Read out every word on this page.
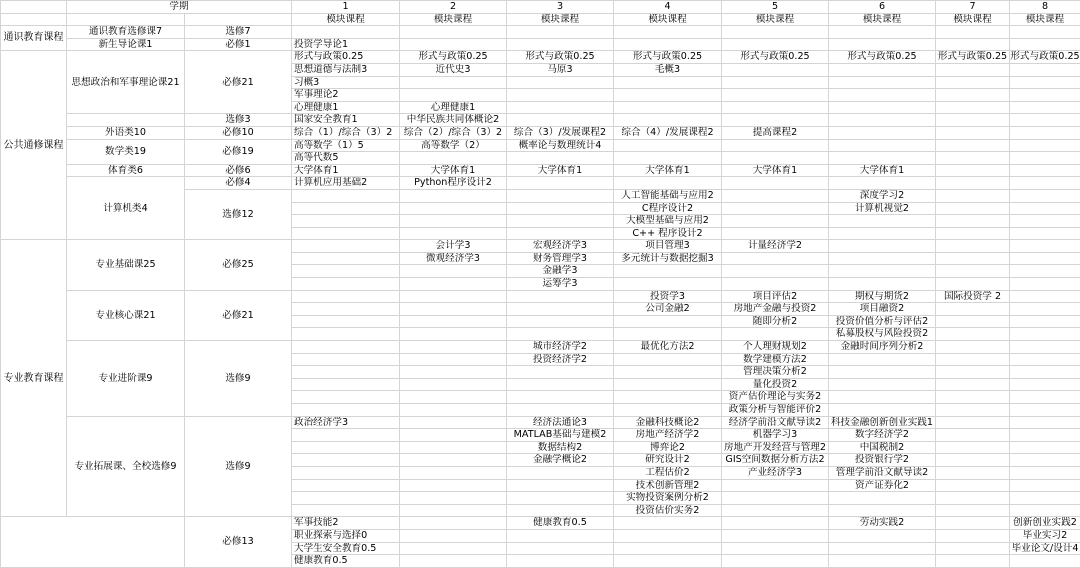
	学期		1	2	3	4	5	6	7	8
			模块课程	模块课程	模块课程	模块课程	模块课程	模块课程	模块课程	模块课程
通识教育课程	通识教育选修课7	选修7								
	新生导论课1	必修1	投资学导论1							
公共通修课程	思想政治和军事理论课21	必修21	形式与政策0.25	形式与政策0.25	形式与政策0.25	形式与政策0.25	形式与政策0.25	形式与政策0.25	形式与政策0.25	形式与政策0.25
			思想道德与法制3	近代史3	马原3	毛概3				
			习概3							
			军事理论2							
			心理健康1	心理健康1						
		选修3	国家安全教育1	中华民族共同体概论2						
	外语类10	必修10	综合（1）/综合（3）2	综合（2）/综合（3）2	综合（3）/发展课程2	综合（4）/发展课程2	提高课程2			
	数学类19	必修19	高等数学（1）5	高等数学（2）	概率论与数理统计4					
			高等代数5							
	体育类6	必修6	大学体育1	大学体育1	大学体育1	大学体育1	大学体育1	大学体育1		
	计算机类4	必修4	计算机应用基础2	Python程序设计2						
		选修12				人工智能基础与应用2		深度学习2		
						C程序设计2		计算机视觉2		
						大模型基础与应用2				
						C++ 程序设计2				
专业教育课程	专业基础课25	必修25		会计学3	宏观经济学3	项目管理3	计量经济学2			
				微观经济学3	财务管理学3	多元统计与数据挖掘3				
					金融学3					
					运筹学3					
	专业核心课21	必修21				投资学3	项目评估2	期权与期货2	国际投资学 2	
						公司金融2	房地产金融与投资2	项目融资2		
							随即分析2	投资价值分析与评估2		
								私募股权与风险投资2		
	专业进阶课9	选修9			城市经济学2	最优化方法2	个人理财规划2	金融时间序列分析2		
					投资经济学2		数学建模方法2			
							管理决策分析2			
							量化投资2			
							资产估价理论与实务2			
							政策分析与智能评价2			
	专业拓展课、全校选修9	选修9	政治经济学3		经济法通论3	金融科技概论2	经济学前沿文献导读2	科技金融创新创业实践1		
					MATLAB基础与建模2	房地产经济学2	机器学习3	数字经济学2		
					数据结构2	博弈论2	房地产开发经营与管理2	中国税制2		
					金融学概论2	研究设计2	GIS空间数据分析方法2	投资银行学2		
						工程估价2	产业经济学3	管理学前沿文献导读2		
						技术创新管理2		资产证券化2		
						实物投资案例分析2				
						投资估价实务2				
		必修13	军事技能2		健康教育0.5			劳动实践2		创新创业实践2
			职业探索与选择0							毕业实习2
			大学生安全教育0.5							毕业论文/设计4
			健康教育0.5							
